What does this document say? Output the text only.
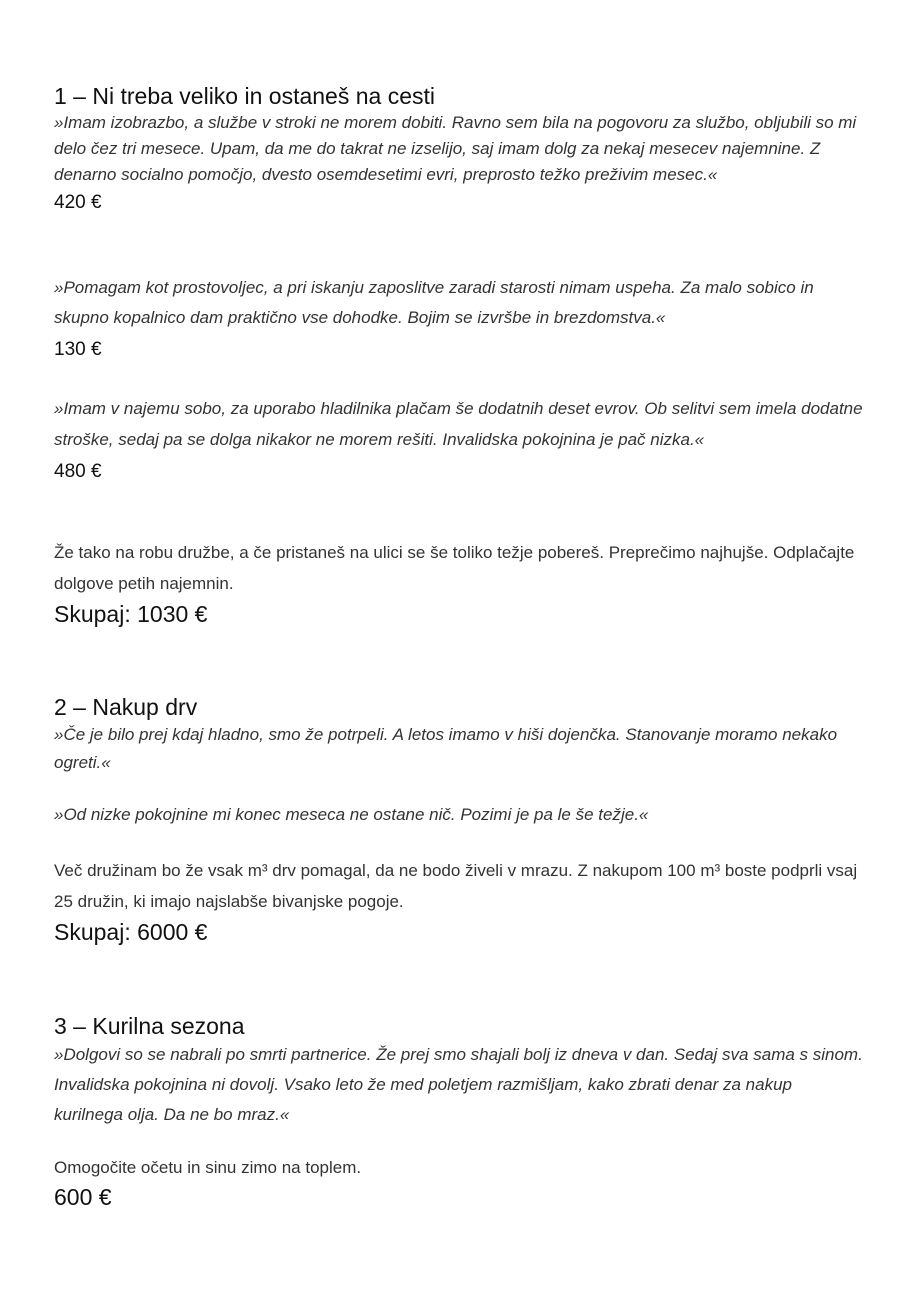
1 – Ni treba veliko in ostaneš na cesti

»Imam izobrazbo, a službe v stroki ne morem dobiti. Ravno sem bila na pogovoru za službo, obljubili so mi delo čez tri mesece. Upam, da me do takrat ne izselijo, saj imam dolg za nekaj mesecev najemnine. Z denarno socialno pomočjo, dvesto osemdesetimi evri, preprosto težko preživim mesec.«

420 €

»Pomagam kot prostovoljec, a pri iskanju zaposlitve zaradi starosti nimam uspeha. Za malo sobico in skupno kopalnico dam praktično vse dohodke. Bojim se izvršbe in brezdomstva.«

130 €

»Imam v najemu sobo, za uporabo hladilnika plačam še dodatnih deset evrov. Ob selitvi sem imela dodatne stroške, sedaj pa se dolga nikakor ne morem rešiti. Invalidska pokojnina je pač nizka.«

480 €

Že tako na robu družbe, a če pristaneš na ulici se še toliko težje pobereš. Preprečimo najhujše. Odplačajte dolgove petih najemnin.

Skupaj: 1030 €

2 – Nakup drv

»Če je bilo prej kdaj hladno, smo že potrpeli. A letos imamo v hiši dojenčka. Stanovanje moramo nekako ogreti.«

»Od nizke pokojnine mi konec meseca ne ostane nič. Pozimi je pa le še težje.«

Več družinam bo že vsak m³ drv pomagal, da ne bodo živeli v mrazu. Z nakupom 100 m³ boste podprli vsaj 25 družin, ki imajo najslabše bivanjske pogoje.

Skupaj: 6000 €

3 – Kurilna sezona

»Dolgovi so se nabrali po smrti partnerice. Že prej smo shajali bolj iz dneva v dan. Sedaj sva sama s sinom. Invalidska pokojnina ni dovolj. Vsako leto že med poletjem razmišljam, kako zbrati denar za nakup kurilnega olja. Da ne bo mraz.«

Omogočite očetu in sinu zimo na toplem.

600 €
